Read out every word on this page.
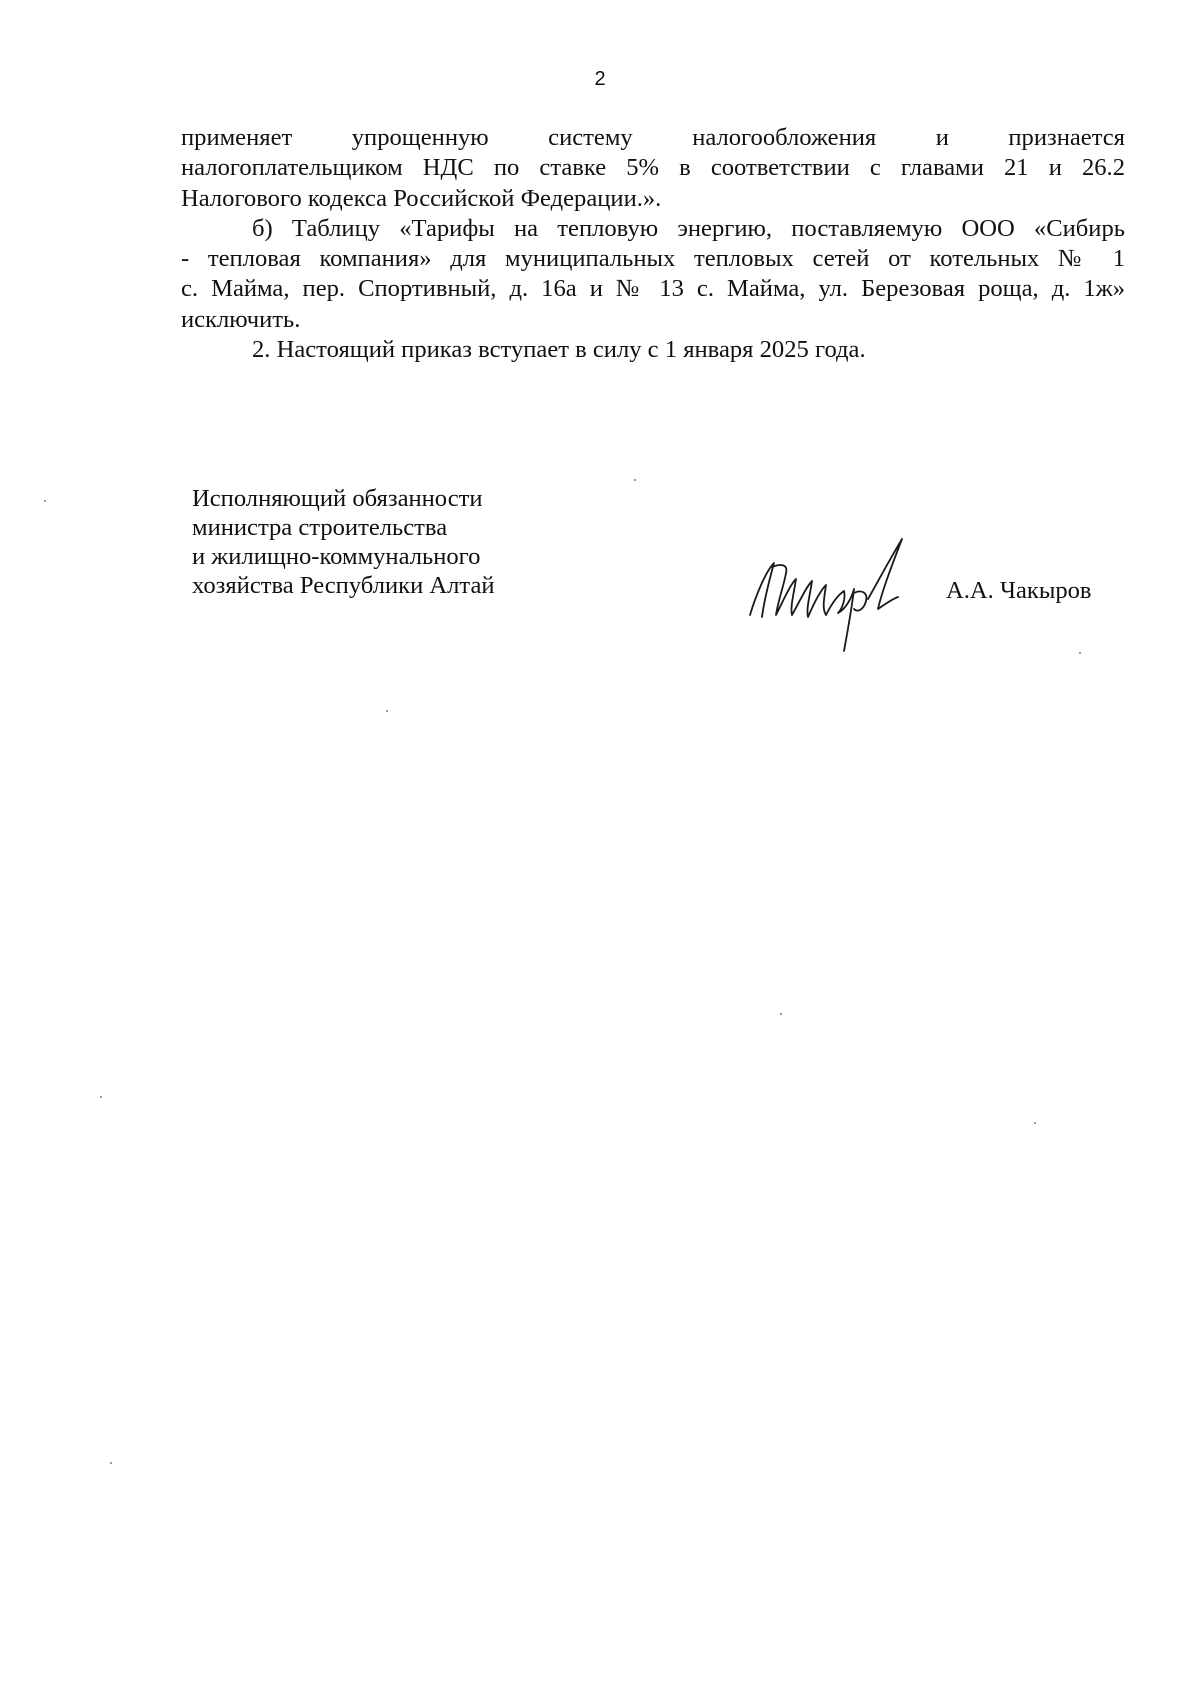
2

применяет упрощенную систему налогообложения и признается

налогоплательщиком НДС по ставке 5% в соответствии с главами 21 и 26.2

Налогового кодекса Российской Федерации.».

б) Таблицу «Тарифы на тепловую энергию, поставляемую ООО «Сибирь

- тепловая компания» для муниципальных тепловых сетей от котельных № 1

с. Майма, пер. Спортивный, д. 16а и № 13 с. Майма, ул. Березовая роща, д. 1ж»

исключить.

2. Настоящий приказ вступает в силу с 1 января 2025 года.

Исполняющий обязанности
министра строительства
и жилищно-коммунального
хозяйства Республики Алтай	А.А. Чакыров
